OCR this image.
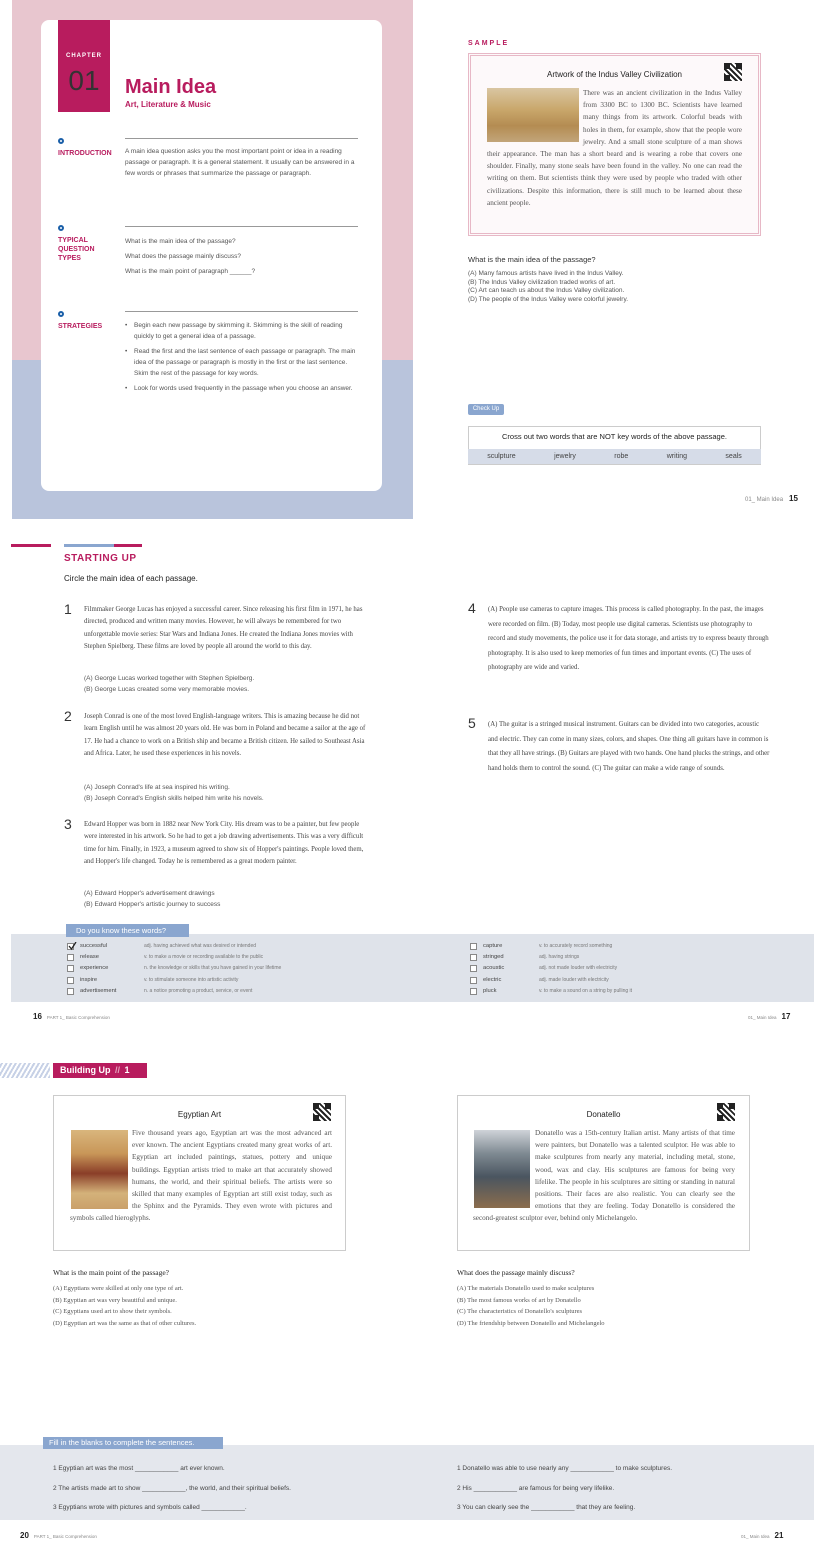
CHAPTER
01	Main Idea
Art, Literature & Music
INTRODUCTION A main idea question asks you the most important point or idea in a reading passage or paragraph. It is a general statement. It usually can be answered in a few words or phrases that summarize the passage or paragraph.
TYPICAL
QUESTION
TYPES
What is the main idea of the passage?
What does the passage mainly discuss?
What is the main point of paragraph ______?
STRATEGIES	•	Begin each new passage by skimming it. Skimming is the skill of reading quickly to get a general idea of a passage.
•	Read the first and the last sentence of each passage or paragraph. The main idea of the passage or paragraph is mostly in the first or the last sentence. Skim the rest of the passage for key words.
•	Look for words used frequently in the passage when you choose an answer.
SAMPLE
Artwork of the Indus Valley Civilization
There was an ancient civilization in the Indus Valley from 3300 BC to 1300 BC. Scientists have learned many things from its artwork. Colorful beads with holes in them, for example, show that the people wore jewelry. And a small stone sculpture of a man shows their appearance. The man has a short beard and is wearing a robe that covers one shoulder. Finally, many stone seals have been found in the valley. No one can read the writing on them. But scientists think they were used by people who traded with other civilizations. Despite this information, there is still much to be learned about these ancient people.
What is the main idea of the passage?
(A) Many famous artists have lived in the Indus Valley.
(B) The Indus Valley civilization traded works of art.
(C) Art can teach us about the Indus Valley civilization.
(D) The people of the Indus Valley were colorful jewelry.
Check Up
Cross out two words that are NOT key words of the above passage.
sculpture	jewelry	robe	writing	seals
01_ Main Idea 15
STARTING UP
Circle the main idea of each passage.
1 Filmmaker George Lucas has enjoyed a successful career. Since releasing his first film in 1971, he has directed, produced and written many movies. However, he will always be remembered for two unforgettable movie series: Star Wars and Indiana Jones. He created the Indiana Jones movies with Stephen Spielberg. These films are loved by people all around the world to this day.
(A) George Lucas worked together with Stephen Spielberg.
(B) George Lucas created some very memorable movies.
2 Joseph Conrad is one of the most loved English-language writers. This is amazing because he did not learn English until he was almost 20 years old. He was born in Poland and became a sailor at the age of 17. He had a chance to work on a British ship and became a British citizen. He sailed to Southeast Asia and Africa. Later, he used these experiences in his novels.
(A) Joseph Conrad's life at sea inspired his writing.
(B) Joseph Conrad's English skills helped him write his novels.
3 Edward Hopper was born in 1882 near New York City. His dream was to be a painter, but few people were interested in his artwork. So he had to get a job drawing advertisements. This was a very difficult time for him. Finally, in 1923, a museum agreed to show six of Hopper's paintings. People loved them, and Hopper's life changed. Today he is remembered as a great modern painter.
(A) Edward Hopper's advertisement drawings
(B) Edward Hopper's artistic journey to success
4 (A) People use cameras to capture images. This process is called photography. In the past, the images were recorded on film. (B) Today, most people use digital cameras. Scientists use photography to record and study movements, the police use it for data storage, and artists try to express beauty through photography. It is also used to keep memories of fun times and important events. (C) The uses of photography are wide and varied.
5 (A) The guitar is a stringed musical instrument. Guitars can be divided into two categories, acoustic and electric. They can come in many sizes, colors, and shapes. One thing all guitars have in common is that they all have strings. (B) Guitars are played with two hands. One hand plucks the strings, and other hand holds them to control the sound. (C) The guitar can make a wide range of sounds.
Do you know these words?
successful	adj. having achieved what was desired or intended
release	v. to make a movie or recording available to the public
experience	n. the knowledge or skills that you have gained in your lifetime
inspire	v. to stimulate someone into artistic activity
advertisement	n. a notice promoting a product, service, or event
capture	v. to accurately record something
stringed	adj. having strings
acoustic	adj. not made louder with electricity
electric	adj. made louder with electricity
pluck	v. to make a sound on a string by pulling it
16 PART 1_ Basic Comprehension	01_ Main Idea 17
Building Up // 1
Egyptian Art
Five thousand years ago, Egyptian art was the most advanced art ever known. The ancient Egyptians created many great works of art. Egyptian art included paintings, statues, pottery and unique buildings. Egyptian artists tried to make art that accurately showed humans, the world, and their spiritual beliefs. The artists were so skilled that many examples of Egyptian art still exist today, such as the Sphinx and the Pyramids. They even wrote with pictures and symbols called hieroglyphs.
What is the main point of the passage?
(A) Egyptians were skilled at only one type of art.
(B) Egyptian art was very beautiful and unique.
(C) Egyptians used art to show their symbols.
(D) Egyptian art was the same as that of other cultures.
Donatello
Donatello was a 15th-century Italian artist. Many artists of that time were painters, but Donatello was a talented sculptor. He was able to make sculptures from nearly any material, including metal, stone, wood, wax and clay. His sculptures are famous for being very lifelike. The people in his sculptures are sitting or standing in natural positions. Their faces are also realistic. You can clearly see the emotions that they are feeling. Today Donatello is considered the second-greatest sculptor ever, behind only Michelangelo.
What does the passage mainly discuss?
(A) The materials Donatello used to make sculptures
(B) The most famous works of art by Donatello
(C) The characteristics of Donatello's sculptures
(D) The friendship between Donatello and Michelangelo
Fill in the blanks to complete the sentences.
1 Egyptian art was the most ____________ art ever known.
2 The artists made art to show ____________, the world, and their spiritual beliefs.
3 Egyptians wrote with pictures and symbols called ____________.
1 Donatello was able to use nearly any ____________ to make sculptures.
2 His ____________ are famous for being very lifelike.
3 You can clearly see the ____________ that they are feeling.
20 PART 1_ Basic Comprehension	01_ Main Idea 21
